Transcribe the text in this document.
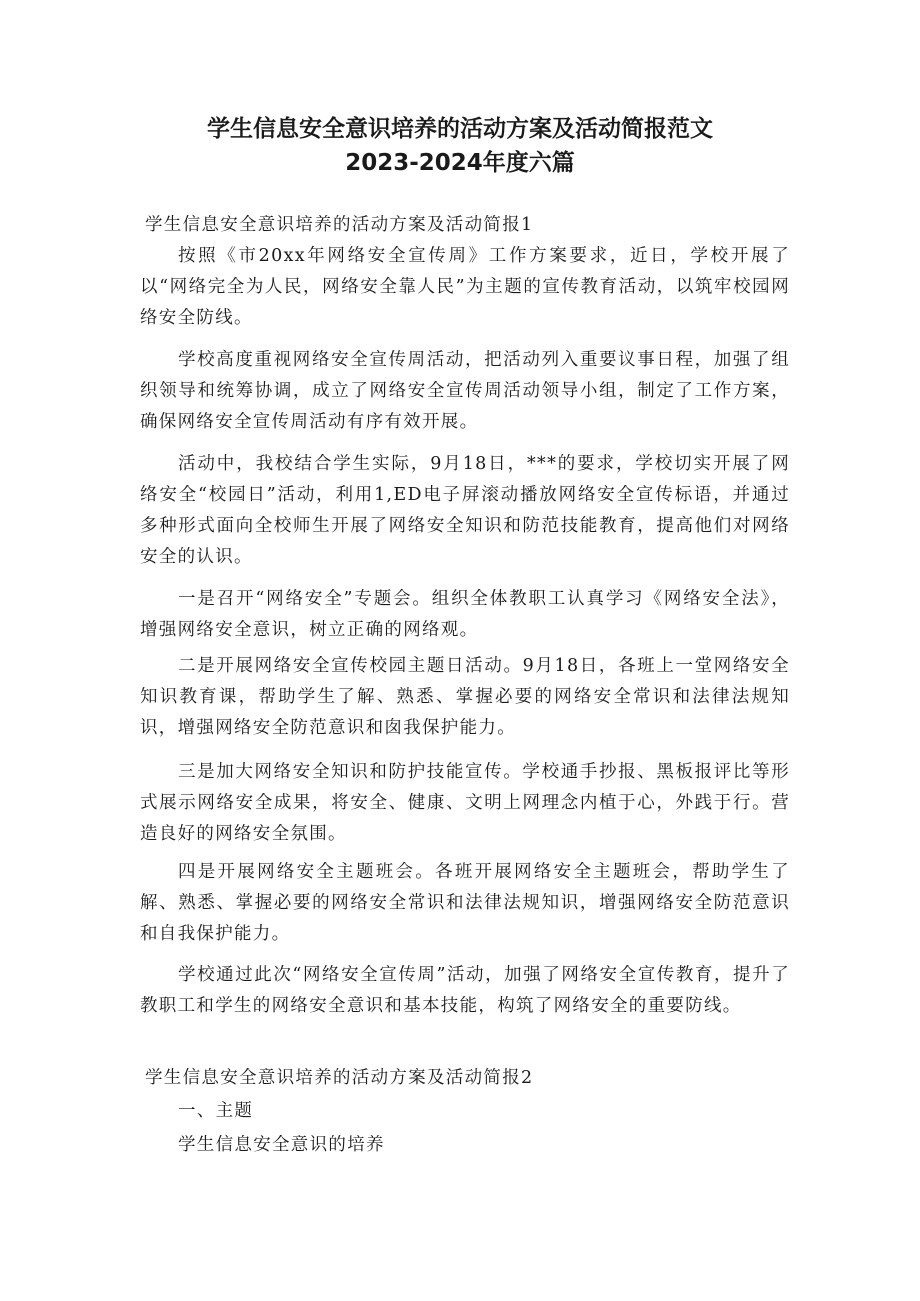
学生信息安全意识培养的活动方案及活动简报范文
2023-2024年度六篇

学生信息安全意识培养的活动方案及活动简报1

按照《市20xx年网络安全宣传周》工作方案要求，近日，学校开展了以“网络完全为人民，网络安全靠人民”为主题的宣传教育活动，以筑牢校园网络安全防线。

学校高度重视网络安全宣传周活动，把活动列入重要议事日程，加强了组织领导和统筹协调，成立了网络安全宣传周活动领导小组，制定了工作方案，确保网络安全宣传周活动有序有效开展。

活动中，我校结合学生实际，9月18日，***的要求，学校切实开展了网络安全“校园日”活动，利用1,ED电子屏滚动播放网络安全宣传标语，并通过多种形式面向全校师生开展了网络安全知识和防范技能教育，提高他们对网络安全的认识。

一是召开“网络安全”专题会。组织全体教职工认真学习《网络安全法》，增强网络安全意识，树立正确的网络观。

二是开展网络安全宣传校园主题日活动。9月18日，各班上一堂网络安全知识教育课，帮助学生了解、熟悉、掌握必要的网络安全常识和法律法规知识，增强网络安全防范意识和囱我保护能力。

三是加大网络安全知识和防护技能宣传。学校通手抄报、黑板报评比等形式展示网络安全成果，将安全、健康、文明上网理念内植于心，外践于行。营造良好的网络安全氛围。

四是开展网络安全主题班会。各班开展网络安全主题班会，帮助学生了解、熟悉、掌握必要的网络安全常识和法律法规知识，增强网络安全防范意识和自我保护能力。

学校通过此次“网络安全宣传周”活动，加强了网络安全宣传教育，提升了教职工和学生的网络安全意识和基本技能，构筑了网络安全的重要防线。

学生信息安全意识培养的活动方案及活动简报2

一、主题

学生信息安全意识的培养
